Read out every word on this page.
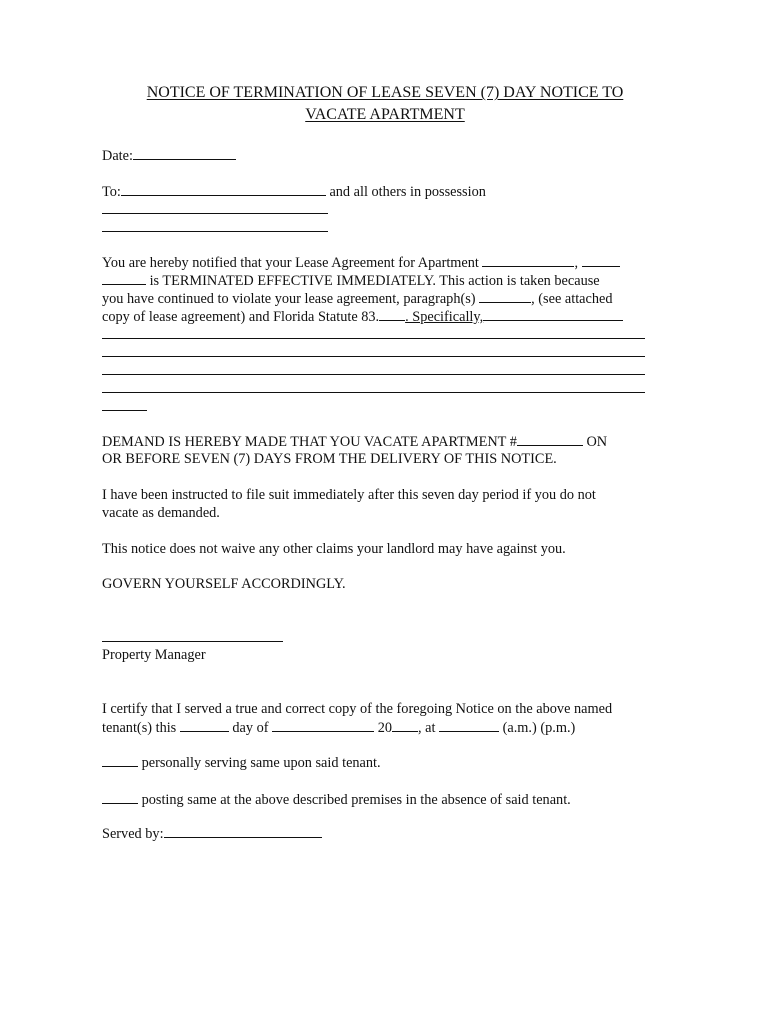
NOTICE OF TERMINATION OF LEASE SEVEN (7) DAY NOTICE TO
VACATE APARTMENT
Date:
To:	and all others in possession
You are hereby notified that your Lease Agreement for Apartment	,
is TERMINATED EFFECTIVE IMMEDIATELY. This action is taken because
you have continued to violate your lease agreement, paragraph(s)	, (see attached
copy of lease agreement) and Florida Statute 83. . Specifically,
DEMAND IS HEREBY MADE THAT YOU VACATE APARTMENT #	ON
OR BEFORE SEVEN (7) DAYS FROM THE DELIVERY OF THIS NOTICE.
I have been instructed to file suit immediately after this seven day period if you do not
vacate as demanded.
This notice does not waive any other claims your landlord may have against you.
GOVERN YOURSELF ACCORDINGLY.
Property Manager
I certify that I served a true and correct copy of the foregoing Notice on the above named
tenant(s) this	day of	20 , at	(a.m.) (p.m.)
personally serving same upon said tenant.
posting same at the above described premises in the absence of said tenant.
Served by:
